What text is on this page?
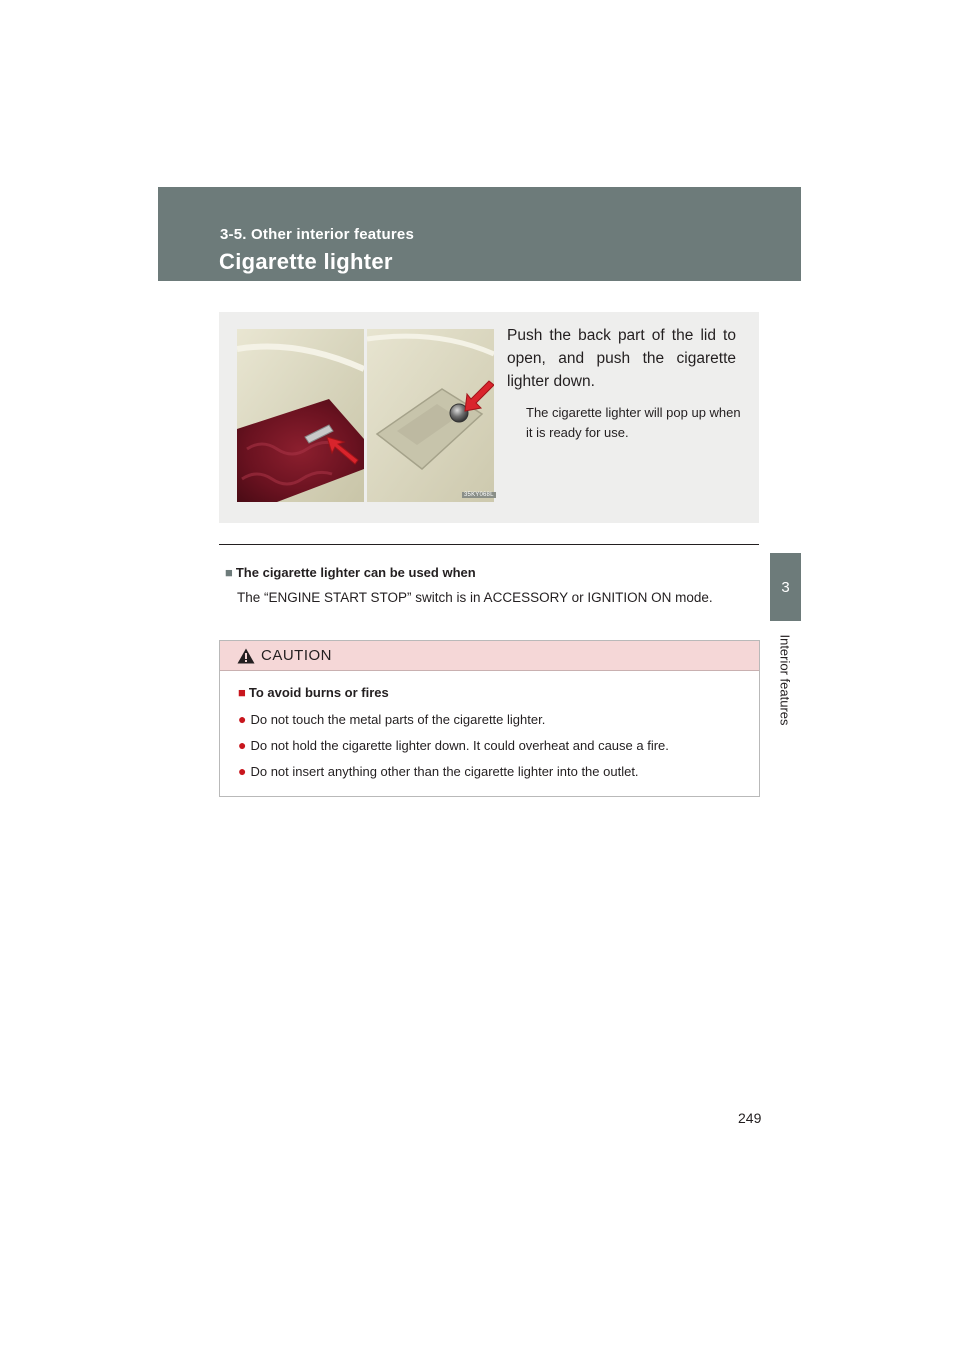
3-5. Other interior features
Cigarette lighter
3
Interior features
35KY068L
Push the back part of the lid to open, and push the cigarette lighter down.
The cigarette lighter will pop up when it is ready for use.
■ The cigarette lighter can be used when
The “ENGINE START STOP” switch is in ACCESSORY or IGNITION ON mode.
CAUTION
■ To avoid burns or fires
● Do not touch the metal parts of the cigarette lighter.
● Do not hold the cigarette lighter down. It could overheat and cause a fire.
● Do not insert anything other than the cigarette lighter into the outlet.
249
